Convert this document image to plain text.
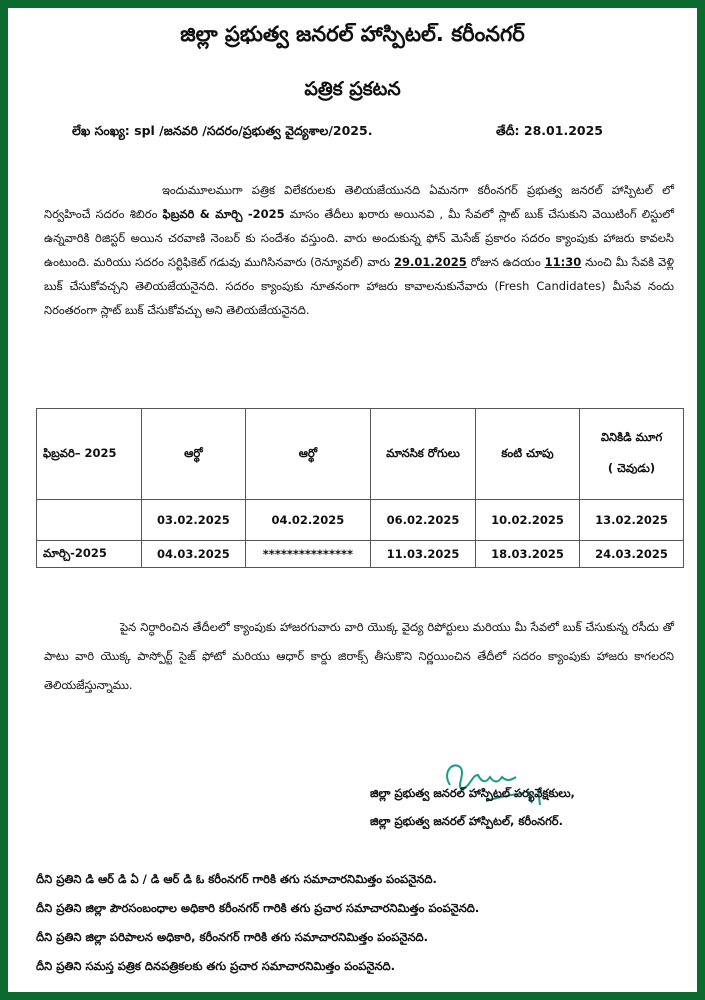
జిల్లా ప్రభుత్వ జనరల్ హాస్పిటల్. కరీంనగర్
పత్రిక ప్రకటన
లేఖ సంఖ్య: spl /జనవరి /సదరం/ప్రభుత్వ వైద్యశాల/2025.	తేదీ: 28.01.2025
ఇందుమూలముగా పత్రిక విలేకరులకు తెలియజేయునది ఏమనగా కరీంనగర్ ప్రభుత్వ జనరల్ హాస్పిటల్ లో నిర్వహించే సదరం శిబిరం ఫిబ్రవరి & మార్చి -2025 మాసం తేదీలు ఖరారు అయినవి , మీ సేవలో స్లాట్ బుక్ చేసుకుని వెయిటింగ్ లిస్టులో ఉన్నవారికి రిజిస్టర్ అయిన చరవాణి నెంబర్ కు సందేశం వస్తుంది. వారు అందుకున్న ఫోన్ మెసేజ్ ప్రకారం సదరం క్యాంపుకు హాజరు కావలసి ఉంటుంది. మరియు సదరం సర్టిఫికెట్ గడువు ముగిసినవారు (రెన్యూవల్) వారు 29.01.2025 రోజున ఉదయం 11:30 నుంచి మీ సేవకి వెళ్లి బుక్ చేసుకోవచ్చని తెలియజేయనైనది. సదరం క్యాంపుకు నూతనంగా హాజరు కావాలనుకునేవారు (Fresh Candidates) మీసేవ నందు నిరంతరంగా స్లాట్ బుక్ చేసుకోవచ్చు అని తెలియజేయనైనది.
ఫిబ్రవరి– 2025	ఆర్థో	ఆర్థో	మానసిక రోగులు	కంటి చూపు	వినికిడి మూగ
( చెవుడు)

	03.02.2025	04.02.2025	06.02.2025	10.02.2025	13.02.2025
మార్చి-2025	04.03.2025	***************	11.03.2025	18.03.2025	24.03.2025
పైన నిర్ధారించిన తేదీలలో క్యాంపుకు హాజరగువారు వారి యొక్క వైద్య రిపోర్టులు మరియు మీ సేవలో బుక్ చేసుకున్న రసీదు తో పాటు వారి యొక్క పాస్పోర్ట్ సైజ్ ఫోటో మరియు ఆధార్ కార్డు జిరాక్స్ తీసుకొని నిర్ణయించిన తేదీలో సదరం క్యాంపుకు హాజరు కాగలరని తెలియజేస్తున్నాము.
జిల్లా ప్రభుత్వ జనరల్ హాస్పిటల్ పర్యవేక్షకులు,
జిల్లా ప్రభుత్వ జనరల్ హాస్పిటల్, కరీంనగర్.
దీని ప్రతిని డి ఆర్ డి ఏ / డి ఆర్ డి ఓ కరీంనగర్ గారికి తగు సమాచారనిమిత్తం పంపనైనది.
దీని ప్రతిని జిల్లా పౌరసంబంధాల అధికారి కరీంనగర్ గారికి తగు ప్రచార సమాచారనిమిత్తం పంపనైనది.
దీని ప్రతిని జిల్లా పరిపాలన అధికారి, కరీంనగర్ గారికి తగు సమాచారనిమిత్తం పంపనైనది.
దీని ప్రతిని సమస్త పత్రిక దినపత్రికలకు తగు ప్రచార సమాచారనిమిత్తం పంపనైనది.
